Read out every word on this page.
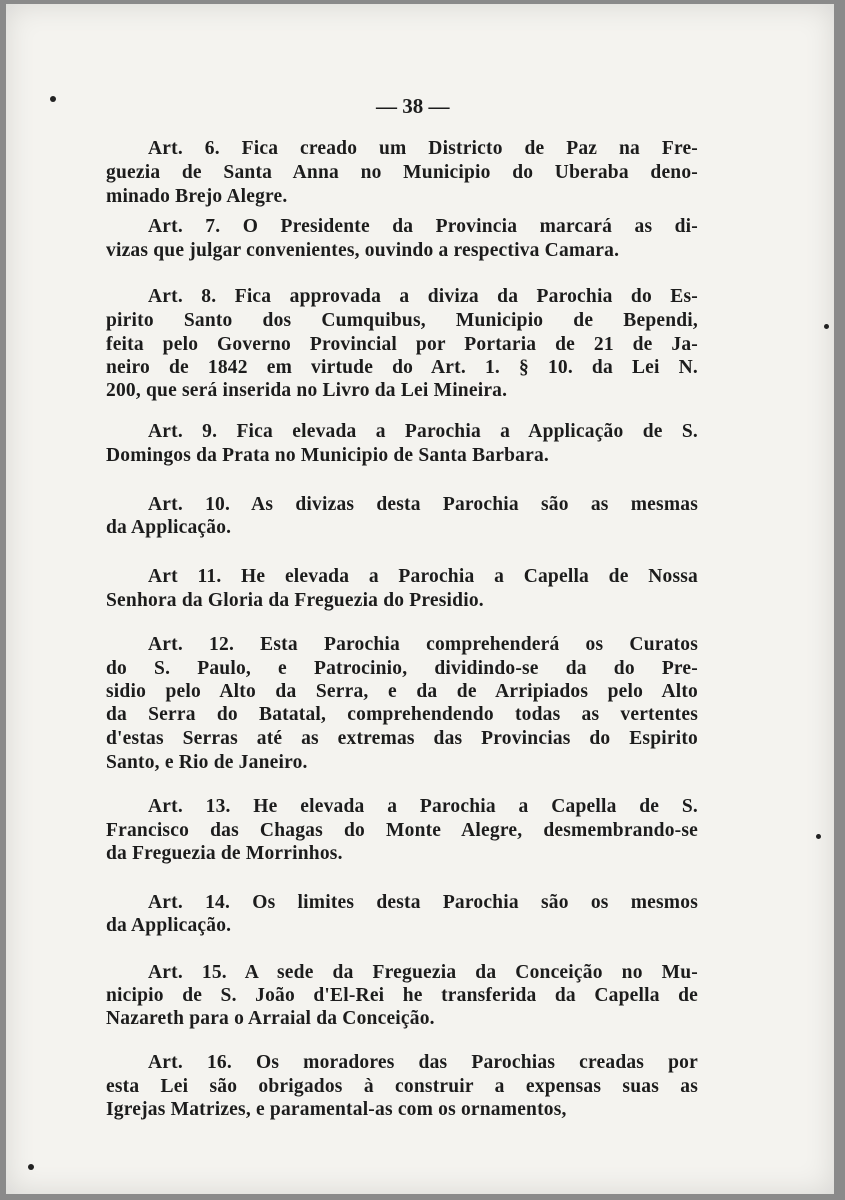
— 38 —
Art. 6. Fica creado um Districto de Paz na Fre-
guezia de Santa Anna no Municipio do Uberaba deno-
minado Brejo Alegre.
Art. 7. O Presidente da Provincia marcará as di-
vizas que julgar convenientes, ouvindo a respectiva Camara.
Art. 8. Fica approvada a diviza da Parochia do Es-
pirito Santo dos Cumquibus, Municipio de Bependi,
feita pelo Governo Provincial por Portaria de 21 de Ja-
neiro de 1842 em virtude do Art. 1. § 10. da Lei N.
200, que será inserida no Livro da Lei Mineira.
Art. 9. Fica elevada a Parochia a Applicação de S.
Domingos da Prata no Municipio de Santa Barbara.
Art. 10. As divizas desta Parochia são as mesmas
da Applicação.
Art 11. He elevada a Parochia a Capella de Nossa
Senhora da Gloria da Freguezia do Presidio.
Art. 12. Esta Parochia comprehenderá os Curatos
do S. Paulo, e Patrocinio, dividindo-se da do Pre-
sidio pelo Alto da Serra, e da de Arripiados pelo Alto
da Serra do Batatal, comprehendendo todas as vertentes
d'estas Serras até as extremas das Provincias do Espirito
Santo, e Rio de Janeiro.
Art. 13. He elevada a Parochia a Capella de S.
Francisco das Chagas do Monte Alegre, desmembrando-se
da Freguezia de Morrinhos.
Art. 14. Os limites desta Parochia são os mesmos
da Applicação.
Art. 15. A sede da Freguezia da Conceição no Mu-
nicipio de S. João d'El-Rei he transferida da Capella de
Nazareth para o Arraial da Conceição.
Art. 16. Os moradores das Parochias creadas por
esta Lei são obrigados à construir a expensas suas as
Igrejas Matrizes, e paramental-as com os ornamentos,
